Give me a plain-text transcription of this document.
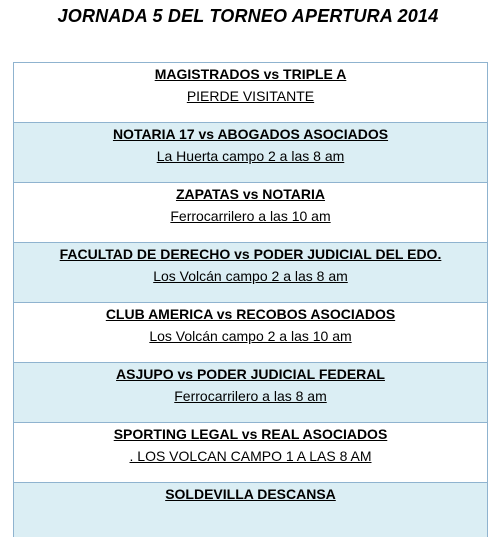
JORNADA 5 DEL TORNEO APERTURA 2014
MAGISTRADOS vs TRIPLE A
PIERDE VISITANTE
NOTARIA 17 vs ABOGADOS ASOCIADOS
La Huerta campo 2 a las 8 am
ZAPATAS vs NOTARIA
Ferrocarrilero a las 10 am
FACULTAD DE DERECHO vs PODER JUDICIAL DEL EDO.
Los Volcán campo 2 a las 8 am
CLUB AMERICA vs RECOBOS ASOCIADOS
Los Volcán campo 2 a las 10 am
ASJUPO vs PODER JUDICIAL FEDERAL
Ferrocarrilero a las 8 am
SPORTING LEGAL vs REAL ASOCIADOS
. LOS VOLCAN CAMPO 1 A LAS 8 AM
SOLDEVILLA DESCANSA
